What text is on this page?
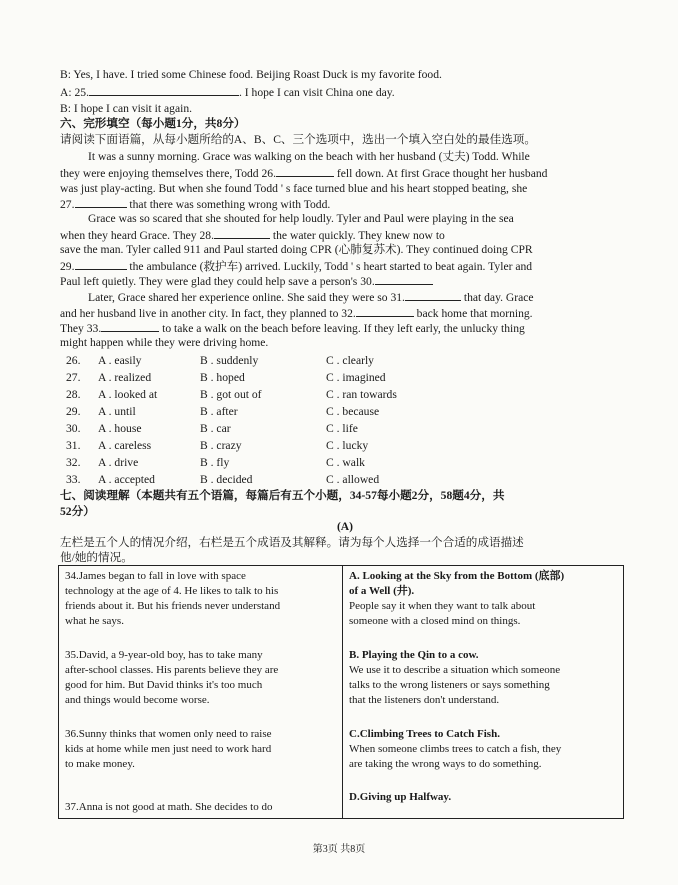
B: Yes, I have. I tried some Chinese food. Beijing Roast Duck is my favorite food.
A: 25.	. I hope I can visit China one day.
B: I hope I can visit it again.
六、完形填空（每小题1分，共8分）
请阅读下面语篇，从每小题所给的A、B、C、三个选项中，选出一个填入空白处的最佳选项。
It was a sunny morning. Grace was walking on the beach with her husband (丈夫) Todd. While
they were enjoying themselves there, Todd 26.	fell down. At first Grace thought her husband
was just play-acting. But when she found Todd ' s face turned blue and his heart stopped beating, she
27.	that there was something wrong with Todd.
Grace was so scared that she shouted for help loudly. Tyler and Paul were playing in the sea
when they heard Grace. They 28.	the water quickly. They knew now to
save the man. Tyler called 911 and Paul started doing CPR (心肺复苏术). They continued doing CPR
29.	the ambulance (救护车) arrived. Luckily, Todd ' s heart started to beat again. Tyler and
Paul left quietly. They were glad they could help save a person's 30.
Later, Grace shared her experience online. She said they were so 31.	that day. Grace
and her husband live in another city. In fact, they planned to 32.	back home that morning.
They 33.	to take a walk on the beach before leaving. If they left early, the unlucky thing
might happen while they were driving home.
26. A . easily	B . suddenly	C . clearly
27. A . realized	B . hoped	C . imagined
28. A . looked at	B . got out of	C . ran towards
29. A . until	B . after	C . because
30. A . house	B . car	C . life
31. A . careless	B . crazy	C . lucky
32. A . drive	B . fly	C . walk
33. A . accepted	B . decided	C . allowed
七、阅读理解（本题共有五个语篇，每篇后有五个小题，34-57每小题2分，58题4分，共
52分）
(A)
左栏是五个人的情况介绍，右栏是五个成语及其解释。请为每个人选择一个合适的成语描述
他/她的情况。
34.James began to fall in love with space
technology at the age of 4. He likes to talk to his
friends about it. But his friends never understand
what he says.
35.David, a 9-year-old boy, has to take many
after-school classes. His parents believe they are
good for him. But David thinks it's too much
and things would become worse.
36.Sunny thinks that women only need to raise
kids at home while men just need to work hard
to make money.
37.Anna is not good at math. She decides to do
A. Looking at the Sky from the Bottom (底部)
of a Well (井).
People say it when they want to talk about
someone with a closed mind on things.
B. Playing the Qin to a cow.
We use it to describe a situation which someone
talks to the wrong listeners or says something
that the listeners don't understand.
C.Climbing Trees to Catch Fish.
When someone climbs trees to catch a fish, they
are taking the wrong ways to do something.
D.Giving up Halfway.
第3页 共8页
